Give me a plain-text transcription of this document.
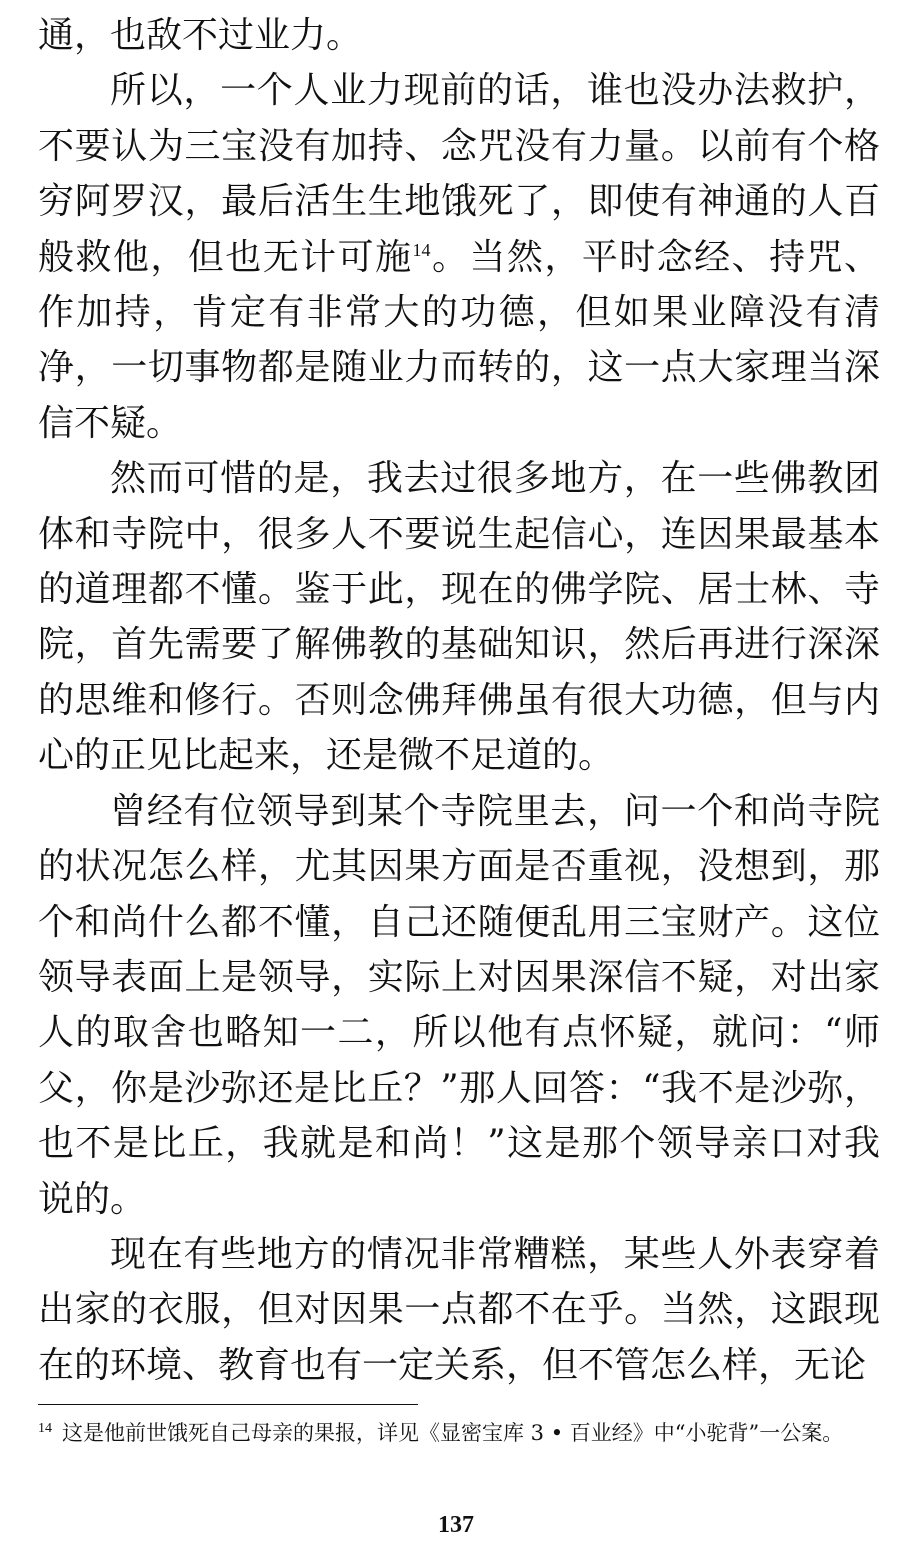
通，也敌不过业力。

所以，一个人业力现前的话，谁也没办法救护，不要认为三宝没有加持、念咒没有力量。以前有个格穷阿罗汉，最后活生生地饿死了，即使有神通的人百般救他，但也无计可施$^{14}$。当然，平时念经、持咒、作加持，肯定有非常大的功德，但如果业障没有清净，一切事物都是随业力而转的，这一点大家理当深信不疑。

然而可惜的是，我去过很多地方，在一些佛教团体和寺院中，很多人不要说生起信心，连因果最基本的道理都不懂。鉴于此，现在的佛学院、居士林、寺院，首先需要了解佛教的基础知识，然后再进行深深的思维和修行。否则念佛拜佛虽有很大功德，但与内心的正见比起来，还是微不足道的。

曾经有位领导到某个寺院里去，问一个和尚寺院的状况怎么样，尤其因果方面是否重视，没想到，那个和尚什么都不懂，自己还随便乱用三宝财产。这位领导表面上是领导，实际上对因果深信不疑，对出家人的取舍也略知一二，所以他有点怀疑，就问：“师父，你是沙弥还是比丘？”那人回答：“我不是沙弥，也不是比丘，我就是和尚！”这是那个领导亲口对我说的。

现在有些地方的情况非常糟糕，某些人外表穿着出家的衣服，但对因果一点都不在乎。当然，这跟现在的环境、教育也有一定关系，但不管怎么样，无论

$^{14}$ 这是他前世饿死自己母亲的果报，详见《显密宝库 3 • 百业经》中“小驼背”一公案。

137
